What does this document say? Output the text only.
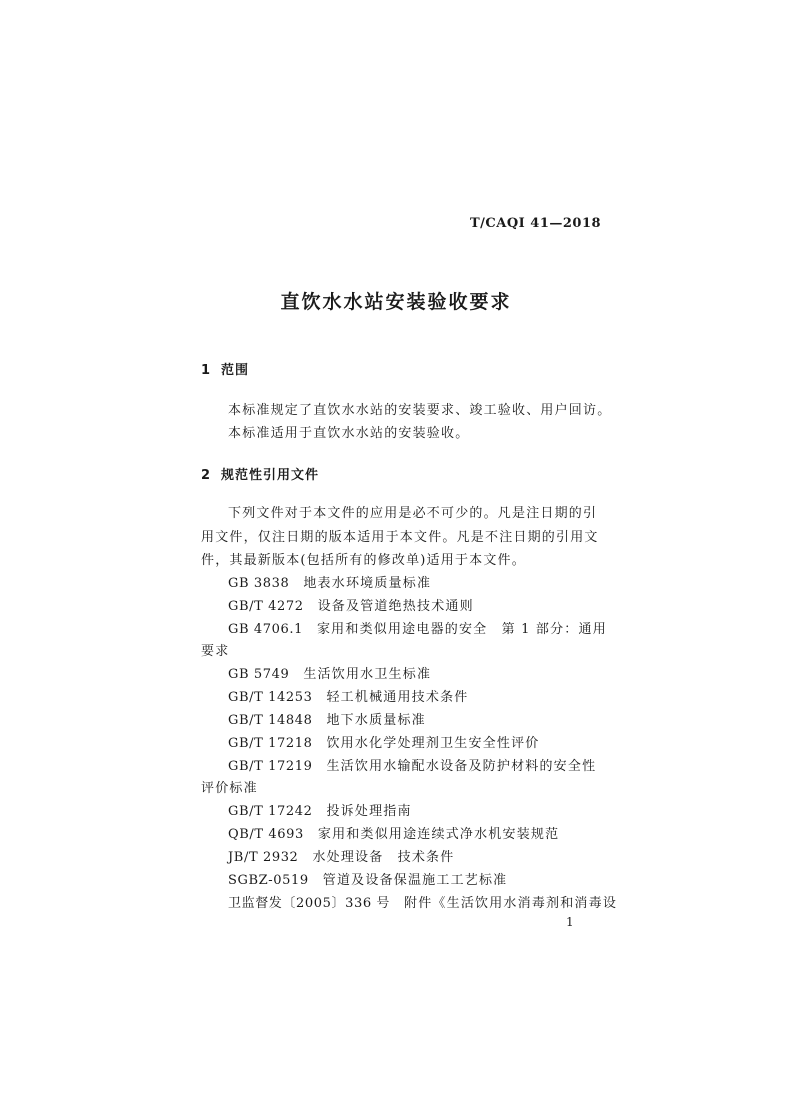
T/CAQI 41—2018
直饮水水站安装验收要求
1 范围
本标准规定了直饮水水站的安装要求、竣工验收、用户回访。
本标准适用于直饮水水站的安装验收。
2 规范性引用文件
下列文件对于本文件的应用是必不可少的。凡是注日期的引
用文件，仅注日期的版本适用于本文件。凡是不注日期的引用文
件，其最新版本(包括所有的修改单)适用于本文件。
GB 3838 地表水环境质量标准
GB/T 4272 设备及管道绝热技术通则
GB 4706.1 家用和类似用途电器的安全　第 1 部分：通用
要求
GB 5749 生活饮用水卫生标准
GB/T 14253 轻工机械通用技术条件
GB/T 14848 地下水质量标准
GB/T 17218 饮用水化学处理剂卫生安全性评价
GB/T 17219 生活饮用水输配水设备及防护材料的安全性
评价标准
GB/T 17242 投诉处理指南
QB/T 4693 家用和类似用途连续式净水机安装规范
JB/T 2932 水处理设备　技术条件
SGBZ-0519 管道及设备保温施工工艺标准
卫监督发〔2005〕336 号 附件《生活饮用水消毒剂和消毒设
1
